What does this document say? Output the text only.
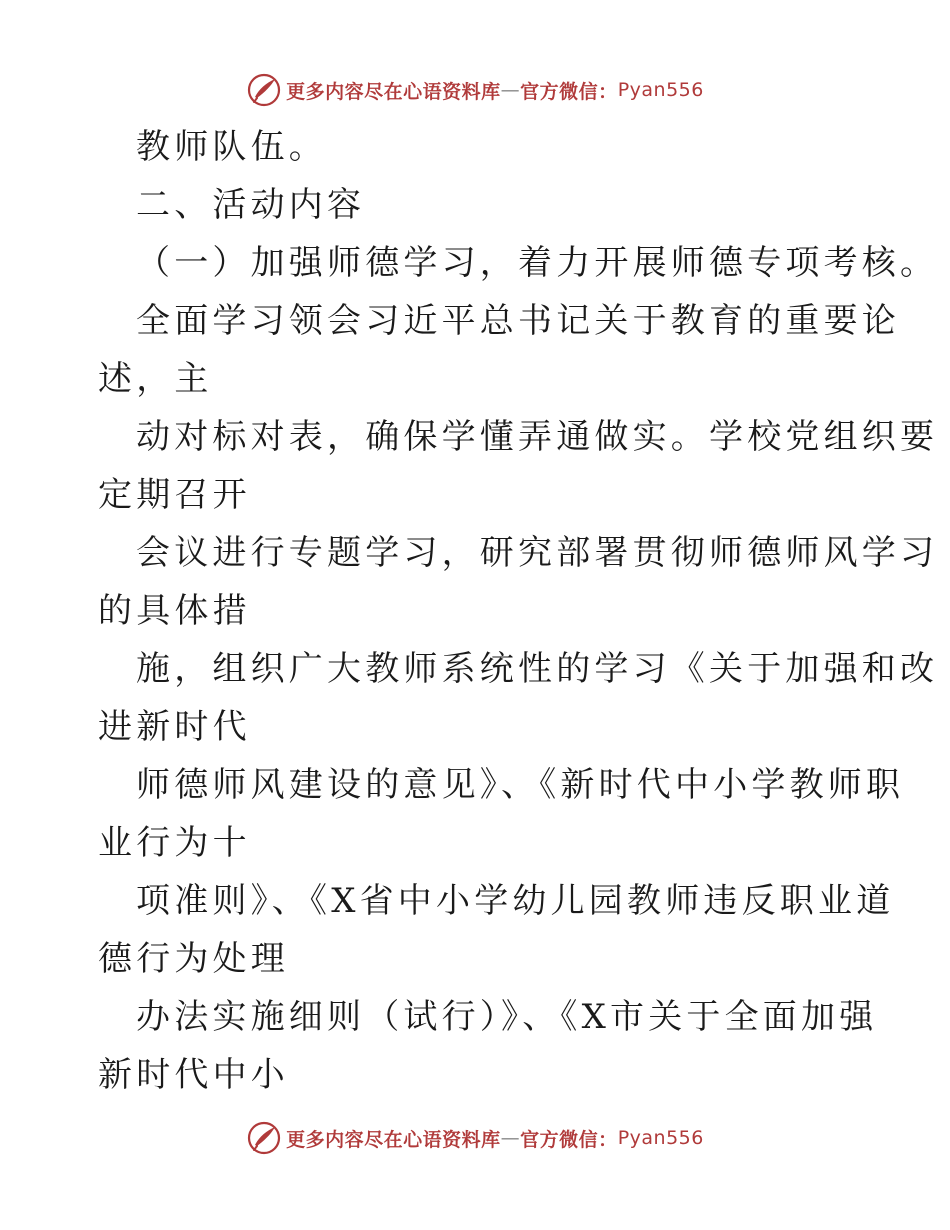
更多内容尽在心语资料库 — 官方微信： Pyan556
教师队伍。
二、活动内容
（一）加强师德学习，着力开展师德专项考核。
全面学习领会习近平总书记关于教育的重要论
述，主
动对标对表，确保学懂弄通做实。学校党组织要
定期召开
会议进行专题学习，研究部署贯彻师德师风学习
的具体措
施，组织广大教师系统性的学习《关于加强和改
进新时代
师德师风建设的意见》、《新时代中小学教师职
业行为十
项准则》、《X省中小学幼儿园教师违反职业道
德行为处理
办法实施细则（试行）》、《X市关于全面加强
新时代中小
更多内容尽在心语资料库 — 官方微信： Pyan556
